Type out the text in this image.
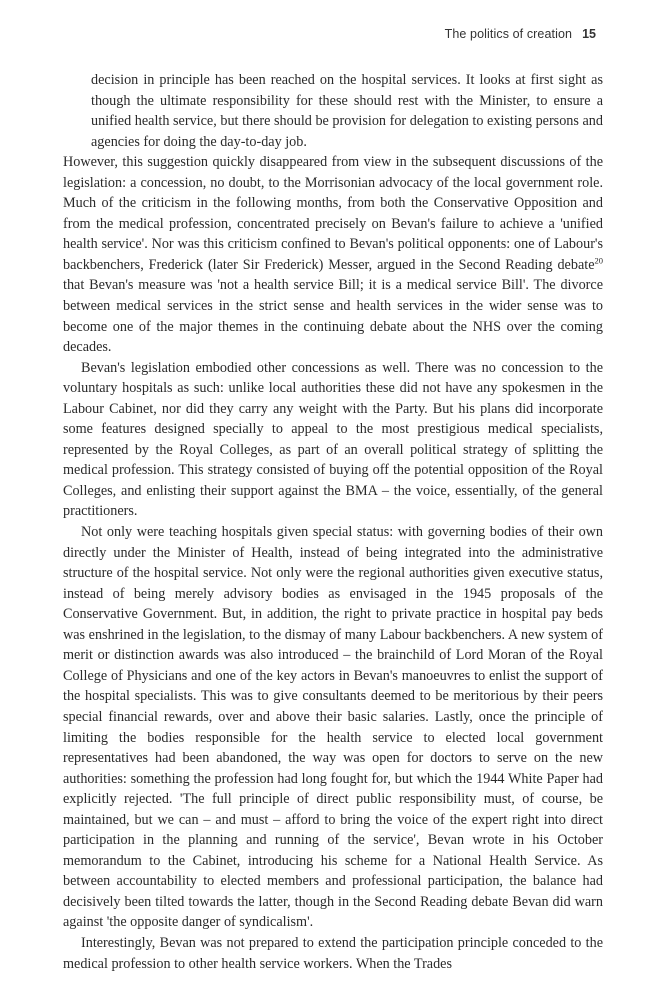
The politics of creation 15

decision in principle has been reached on the hospital services. It looks at first sight as though the ultimate responsibility for these should rest with the Minister, to ensure a unified health service, but there should be provision for delegation to existing persons and agencies for doing the day-to-day job.

However, this suggestion quickly disappeared from view in the subsequent discussions of the legislation: a concession, no doubt, to the Morrisonian advocacy of the local government role. Much of the criticism in the following months, from both the Conservative Opposition and from the medical profession, concentrated precisely on Bevan's failure to achieve a 'unified health service'. Nor was this criticism confined to Bevan's political opponents: one of Labour's backbenchers, Frederick (later Sir Frederick) Messer, argued in the Second Reading debate$^{20}$ that Bevan's measure was 'not a health service Bill; it is a medical service Bill'. The divorce between medical services in the strict sense and health services in the wider sense was to become one of the major themes in the continuing debate about the NHS over the coming decades.

Bevan's legislation embodied other concessions as well. There was no concession to the voluntary hospitals as such: unlike local authorities these did not have any spokesmen in the Labour Cabinet, nor did they carry any weight with the Party. But his plans did incorporate some features designed specially to appeal to the most prestigious medical specialists, represented by the Royal Colleges, as part of an overall political strategy of splitting the medical profession. This strategy consisted of buying off the potential opposition of the Royal Colleges, and enlisting their support against the BMA – the voice, essentially, of the general practitioners.

Not only were teaching hospitals given special status: with governing bodies of their own directly under the Minister of Health, instead of being integrated into the administrative structure of the hospital service. Not only were the regional authorities given executive status, instead of being merely advisory bodies as envisaged in the 1945 proposals of the Conservative Government. But, in addition, the right to private practice in hospital pay beds was enshrined in the legislation, to the dismay of many Labour backbenchers. A new system of merit or distinction awards was also introduced – the brainchild of Lord Moran of the Royal College of Physicians and one of the key actors in Bevan's manoeuvres to enlist the support of the hospital specialists. This was to give consultants deemed to be meritorious by their peers special financial rewards, over and above their basic salaries. Lastly, once the principle of limiting the bodies responsible for the health service to elected local government representatives had been abandoned, the way was open for doctors to serve on the new authorities: something the profession had long fought for, but which the 1944 White Paper had explicitly rejected. 'The full principle of direct public responsibility must, of course, be maintained, but we can – and must – afford to bring the voice of the expert right into direct participation in the planning and running of the service', Bevan wrote in his October memorandum to the Cabinet, introducing his scheme for a National Health Service. As between accountability to elected members and professional participation, the balance had decisively been tilted towards the latter, though in the Second Reading debate Bevan did warn against 'the opposite danger of syndicalism'.

Interestingly, Bevan was not prepared to extend the participation principle conceded to the medical profession to other health service workers. When the Trades
